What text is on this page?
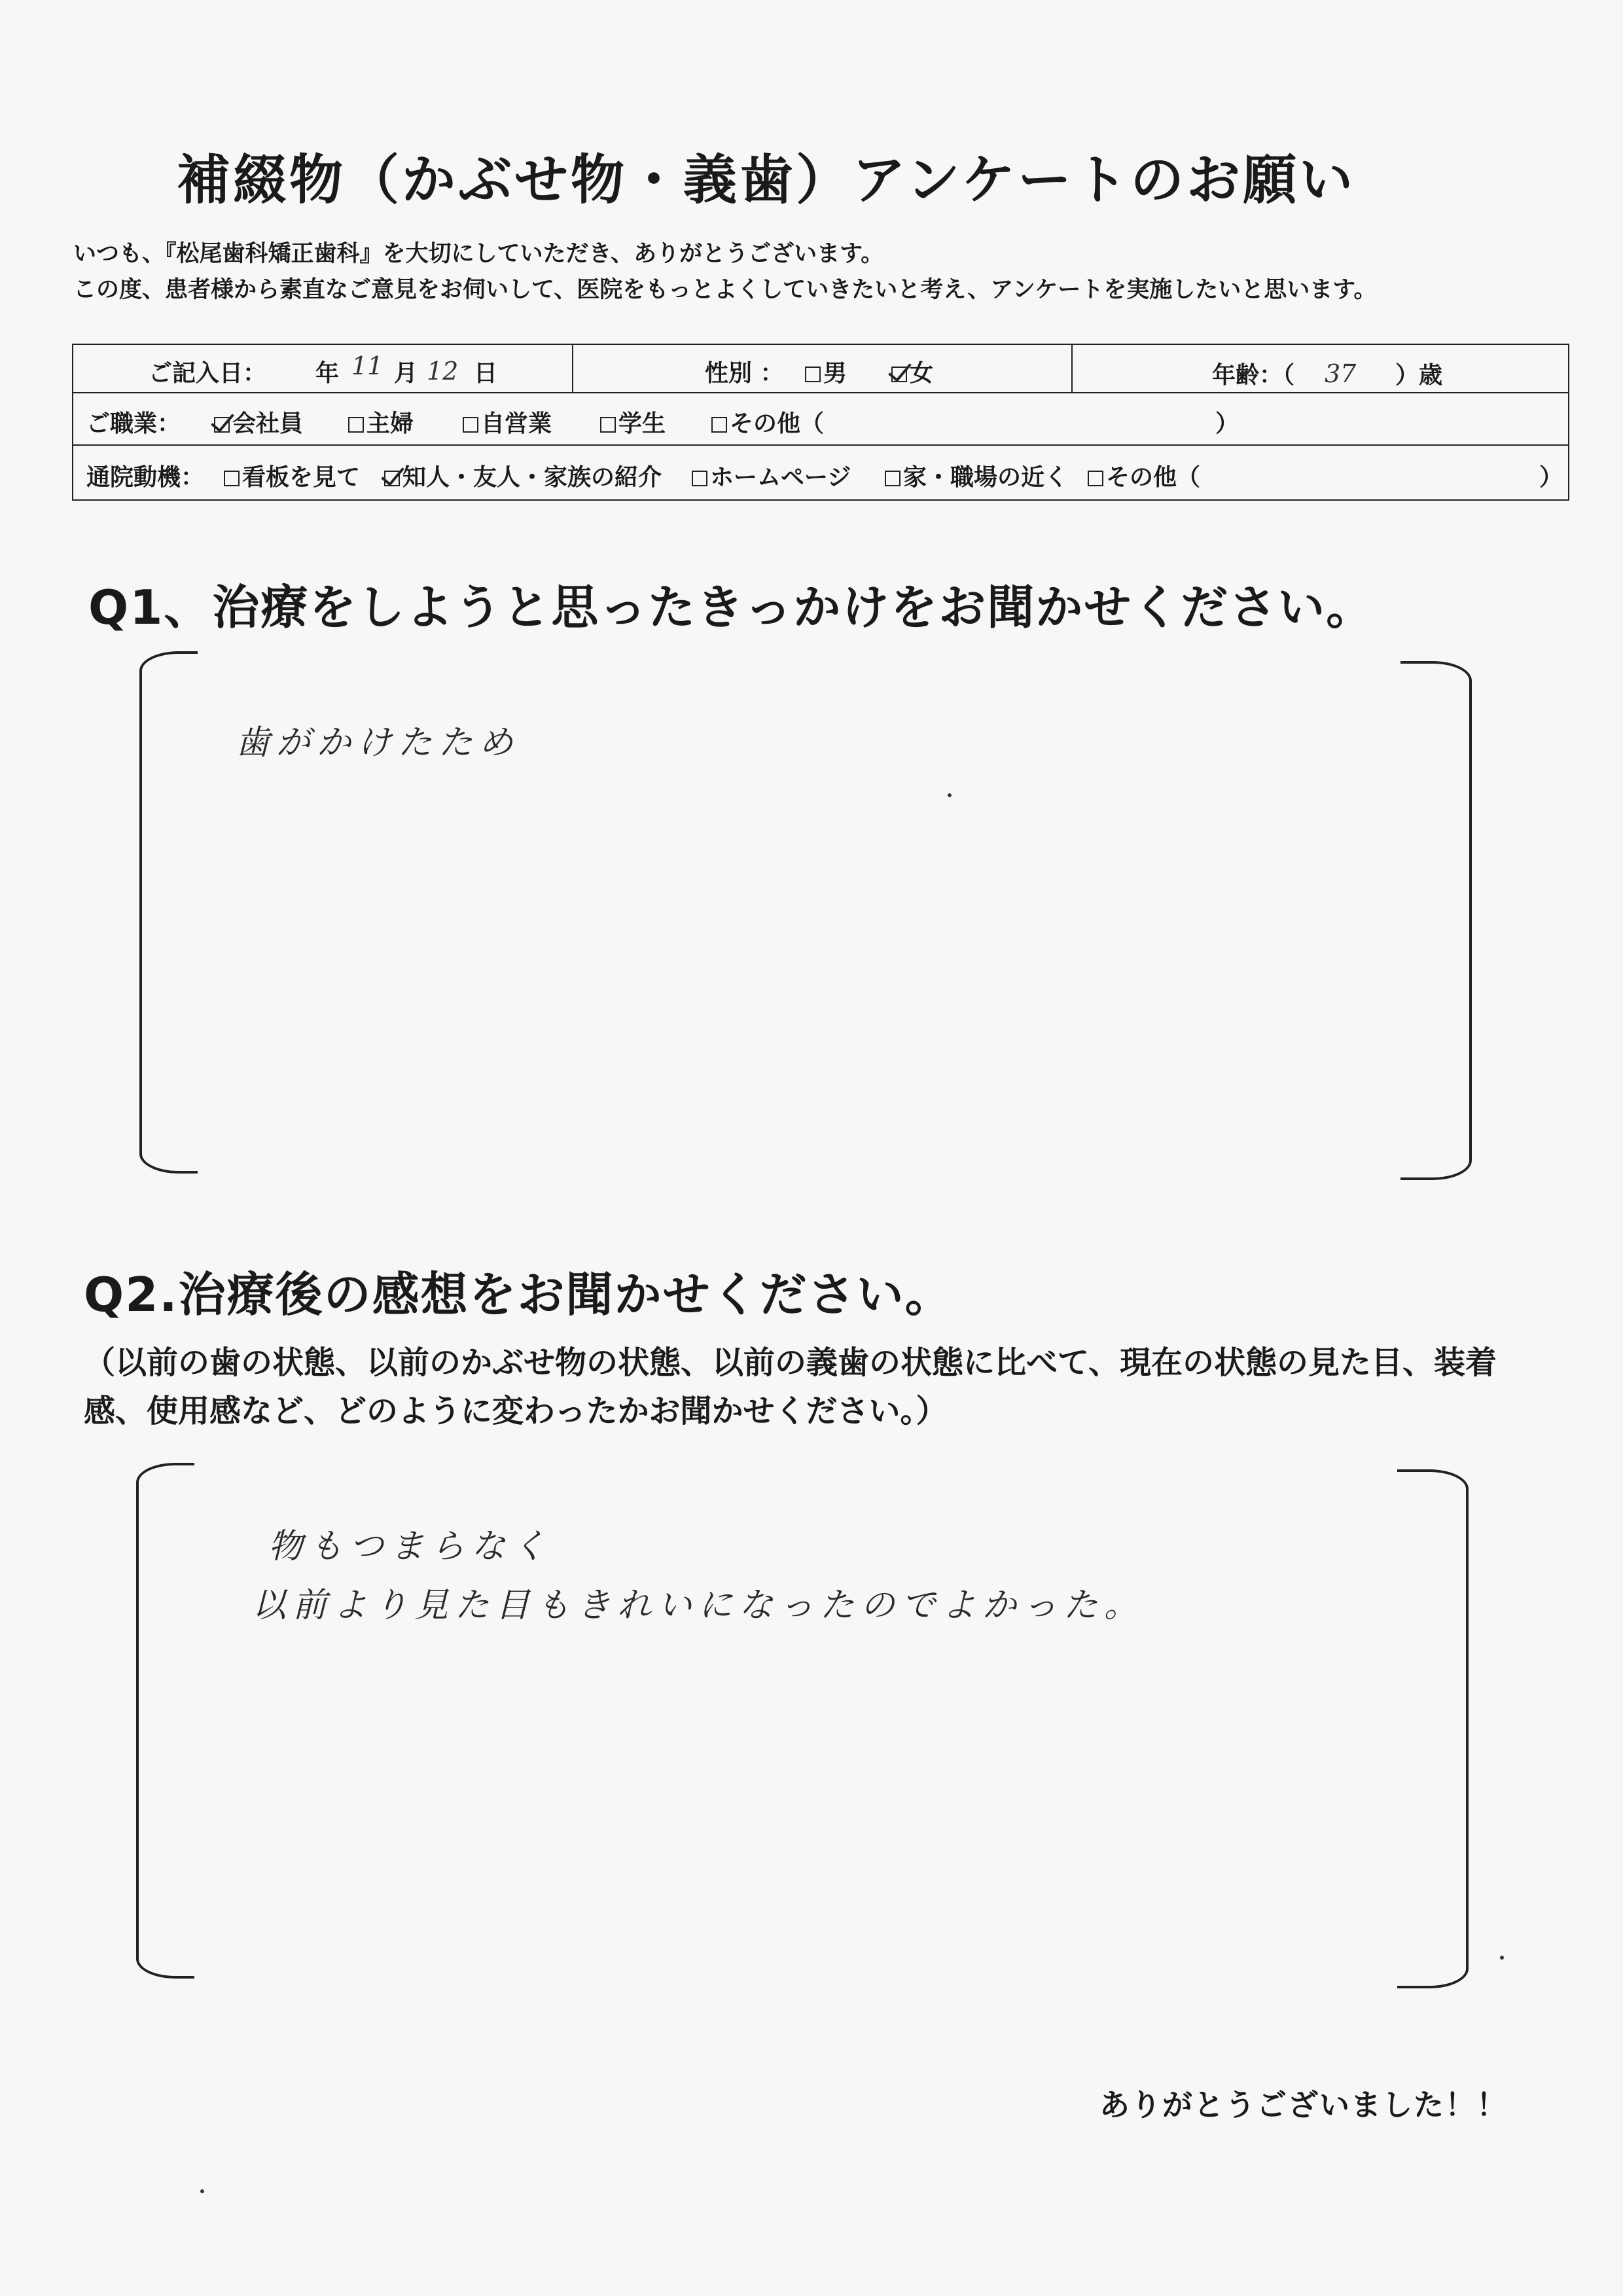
補綴物（かぶせ物・義歯）アンケートのお願い
いつも、『松尾歯科矯正歯科』を大切にしていただき、ありがとうございます。
この度、患者様から素直なご意見をお伺いして、医院をもっとよくしていきたいと考え、アンケートを実施したいと思います。
ご記入日： 年 11 月 12 日	性別 ：	男	女	年齢：（ 37 ）歳
ご職業：	会社員	主婦	自営業	学生	その他（	）
通院動機：	看板を見て	知人・友人・家族の紹介	ホームページ	家・職場の近く	その他（	）
Q1、治療をしようと思ったきっかけをお聞かせください。
歯がかけたため
Q2.治療後の感想をお聞かせください。
（以前の歯の状態、以前のかぶせ物の状態、以前の義歯の状態に比べて、現在の状態の見た目、装着感、使用感など、どのように変わったかお聞かせください。）
物もつまらなく
以前より見た目もきれいになったのでよかった。
ありがとうございました！！
